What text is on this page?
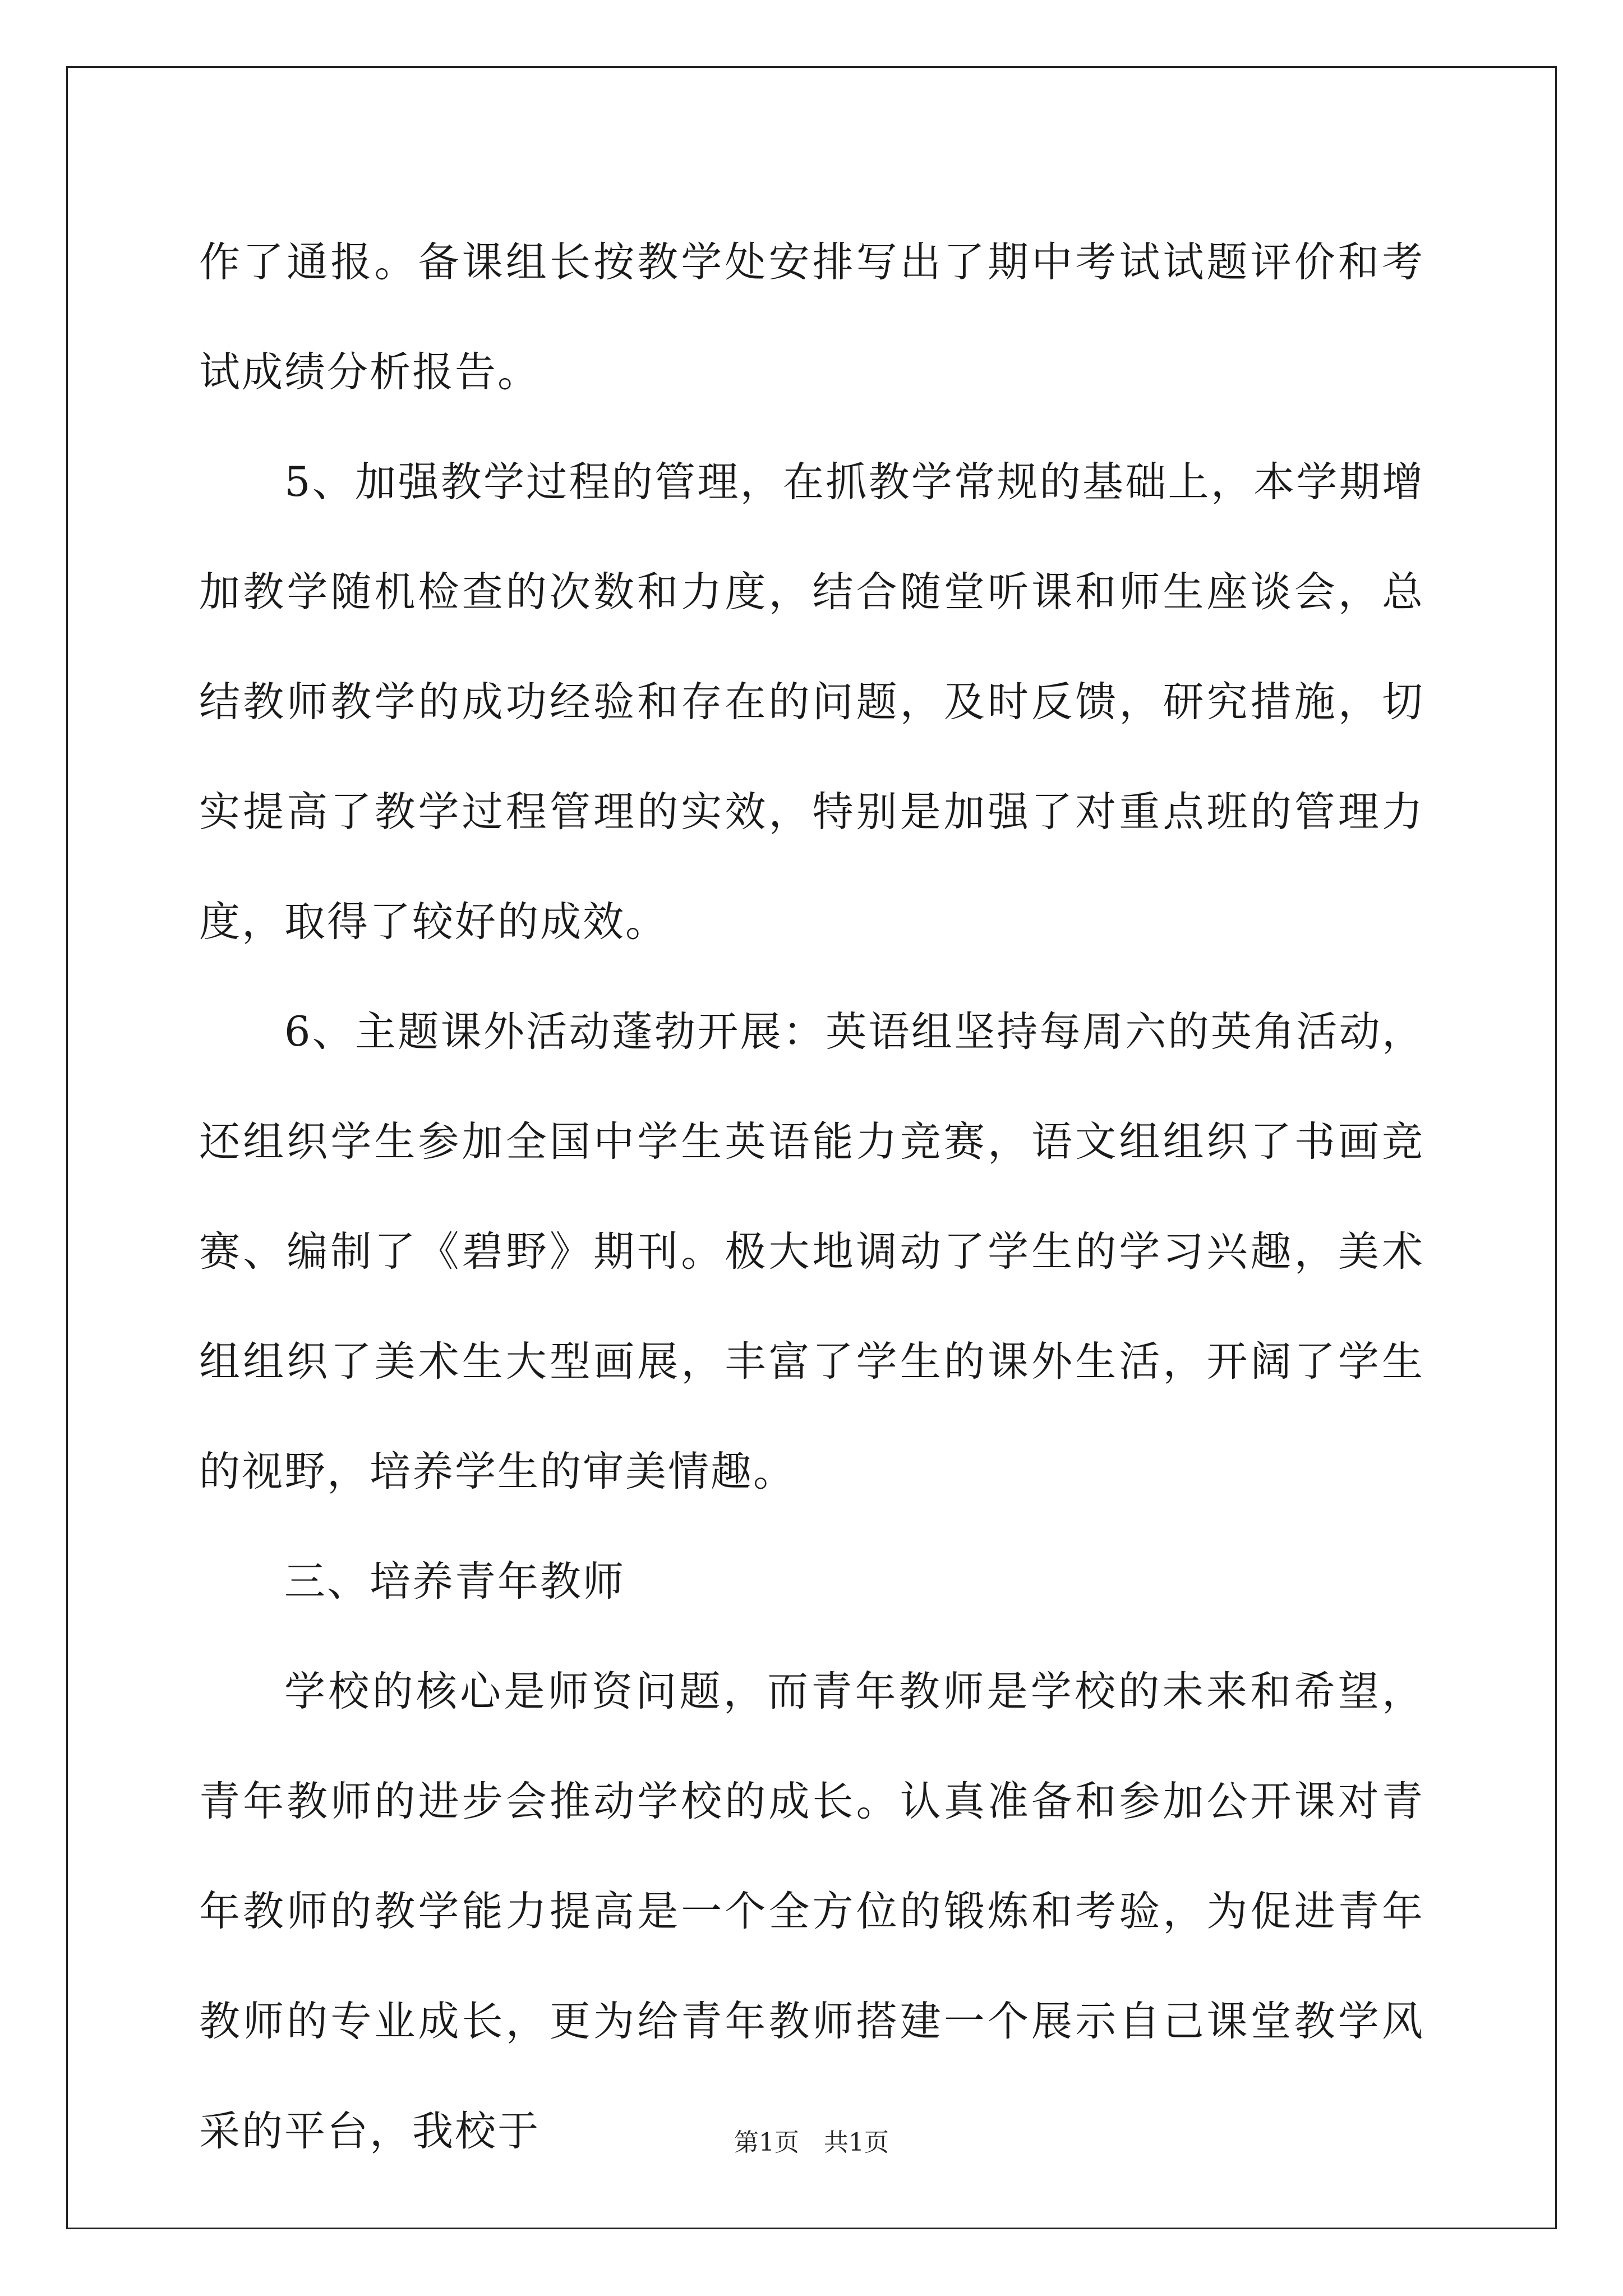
作了通报。备课组长按教学处安排写出了期中考试试题评价和考试成绩分析报告。

5、加强教学过程的管理，在抓教学常规的基础上，本学期增加教学随机检查的次数和力度，结合随堂听课和师生座谈会，总结教师教学的成功经验和存在的问题，及时反馈，研究措施，切实提高了教学过程管理的实效，特别是加强了对重点班的管理力度，取得了较好的成效。

6、主题课外活动蓬勃开展：英语组坚持每周六的英角活动，还组织学生参加全国中学生英语能力竞赛，语文组组织了书画竞赛、编制了《碧野》期刊。极大地调动了学生的学习兴趣，美术组组织了美术生大型画展，丰富了学生的课外生活，开阔了学生的视野，培养学生的审美情趣。

三、培养青年教师

学校的核心是师资问题，而青年教师是学校的未来和希望，青年教师的进步会推动学校的成长。认真准备和参加公开课对青年教师的教学能力提高是一个全方位的锻炼和考验，为促进青年教师的专业成长，更为给青年教师搭建一个展示自己课堂教学风采的平台，我校于	第1页 共1页
